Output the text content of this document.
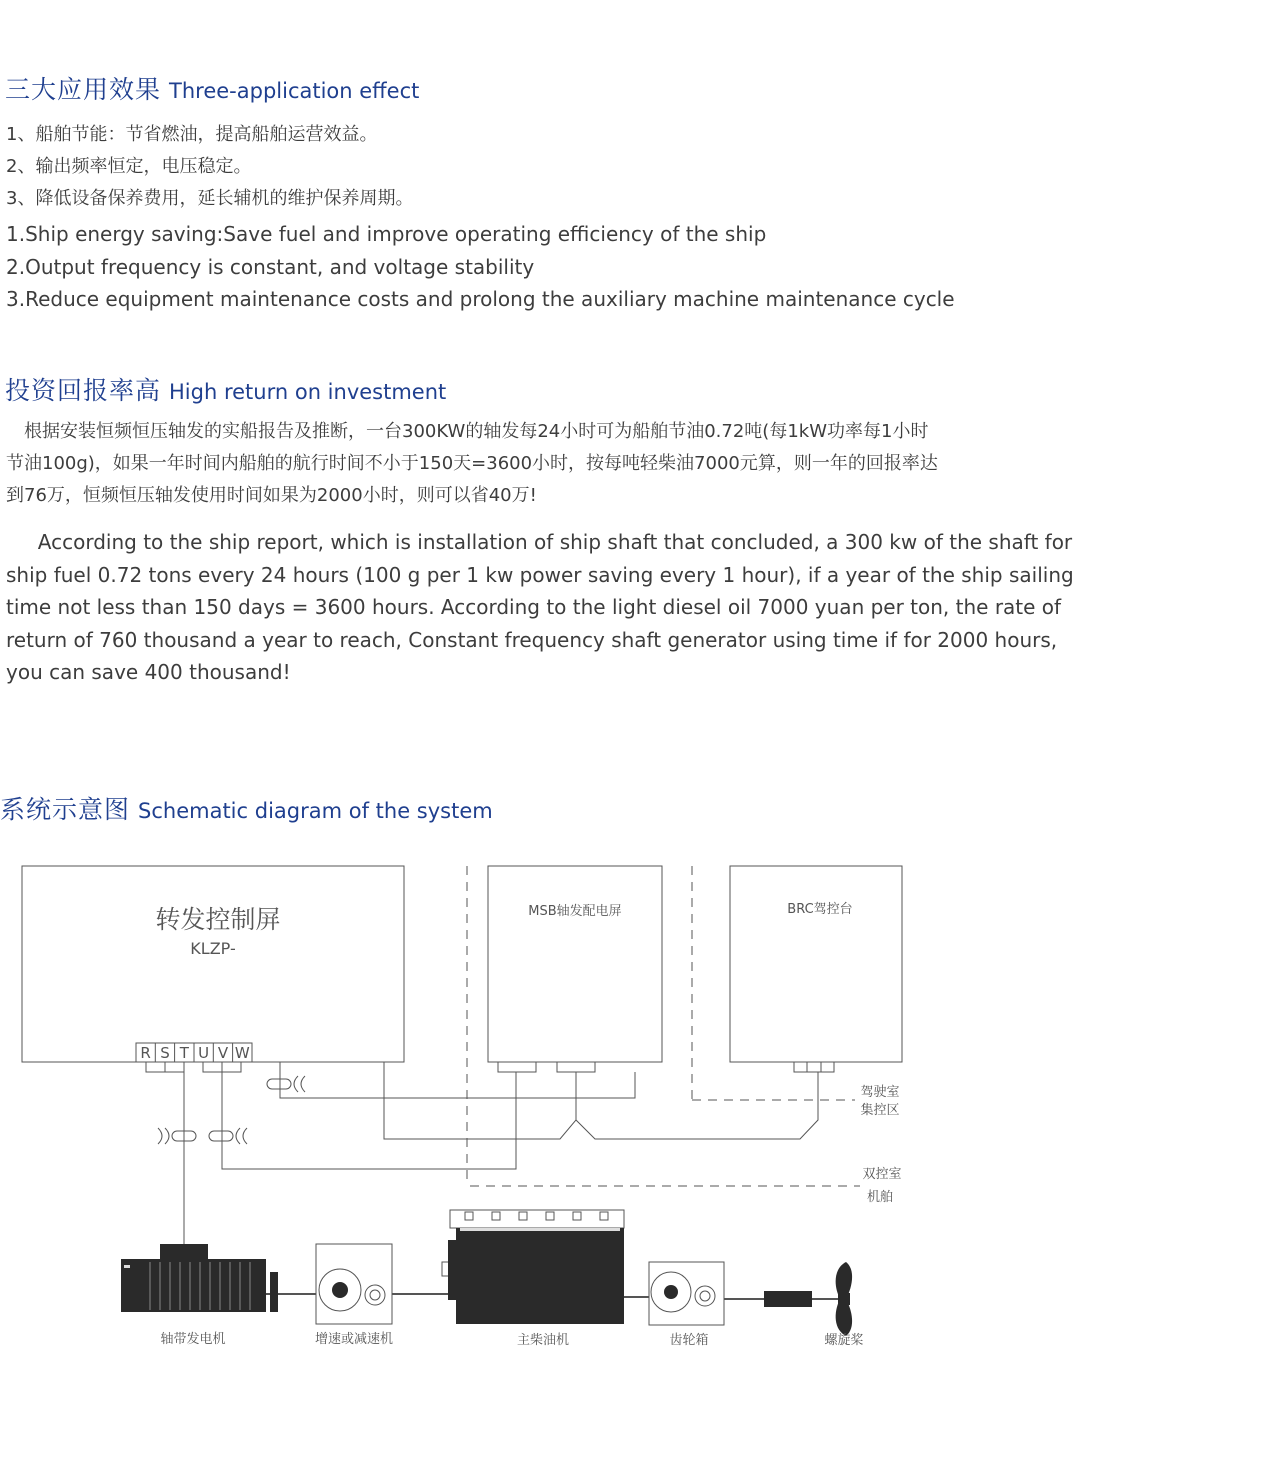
三大应用效果 Three-application effect
1、船舶节能：节省燃油，提高船舶运营效益。
2、输出频率恒定，电压稳定。
3、降低设备保养费用，延长辅机的维护保养周期。
1.Ship energy saving:Save fuel and improve operating efficiency of the ship
2.Output frequency is constant, and voltage stability
3.Reduce equipment maintenance costs and prolong the auxiliary machine maintenance cycle
投资回报率高 High return on investment
　根据安装恒频恒压轴发的实船报告及推断，一台300KW的轴发每24小时可为船舶节油0.72吨(每1kW功率每1小时
节油100g)，如果一年时间内船舶的航行时间不小于150天=3600小时，按每吨轻柴油7000元算，则一年的回报率达
到76万，恒频恒压轴发使用时间如果为2000小时，则可以省40万!
According to the ship report, which is installation of ship shaft that concluded, a 300 kw of the shaft for
ship fuel 0.72 tons every 24 hours (100 g per 1 kw power saving every 1 hour), if a year of the ship sailing
time not less than 150 days = 3600 hours. According to the light diesel oil 7000 yuan per ton, the rate of
return of 760 thousand a year to reach, Constant frequency shaft generator using time if for 2000 hours,
you can save 400 thousand!
系统示意图 Schematic diagram of the system
转发控制屏
KLZP-
R S T U V W
MSB轴发配电屏	BRC驾控台
驾驶室
集控区
双控室
机舶
轴带发电机	增速或减速机	主柴油机	齿轮箱	螺旋桨
